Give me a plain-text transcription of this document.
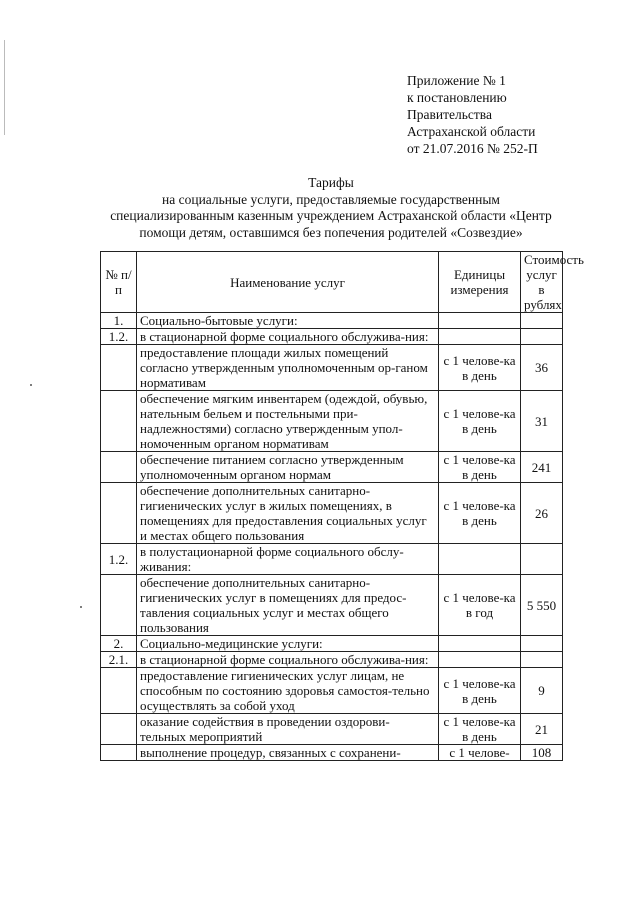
Приложение № 1
к постановлению
Правительства
Астраханской области
от 21.07.2016 № 252-П
Тарифы
на социальные услуги, предоставляемые государственным
специализированным казенным учреждением Астраханской области «Центр
помощи детям, оставшимся без попечения родителей «Созвездие»
№ п/п	Наименование услуг	Единицы измерения	Стоимость услуг в рублях
1.	Социально-бытовые услуги:		
1.2.	в стационарной форме социального обслужива-ния:		
	предоставление площади жилых помещений согласно утвержденным уполномоченным ор-ганом нормативам	с 1 челове-ка в день	36
	обеспечение мягким инвентарем (одеждой, обувью, нательным бельем и постельными при-надлежностями) согласно утвержденным упол-номоченным органом нормативам	с 1 челове-ка в день	31
	обеспечение питанием согласно утвержденным уполномоченным органом нормам	с 1 челове-ка в день	241
	обеспечение дополнительных санитарно-гигиенических услуг в жилых помещениях, в помещениях для предоставления социальных услуг и местах общего пользования	с 1 челове-ка в день	26
1.2.	в полустационарной форме социального обслу-живания:		
	обеспечение дополнительных санитарно-гигиенических услуг в помещениях для предос-тавления социальных услуг и местах общего пользования	с 1 челове-ка в год	5 550
2.	Социально-медицинские услуги:		
2.1.	в стационарной форме социального обслужива-ния:		
	предоставление гигиенических услуг лицам, не способным по состоянию здоровья самостоя-тельно осуществлять за собой уход	с 1 челове-ка в день	9
	оказание содействия в проведении оздорови-тельных мероприятий	с 1 челове-ка в день	21
	выполнение процедур, связанных с сохранени-	с 1 челове-	108
